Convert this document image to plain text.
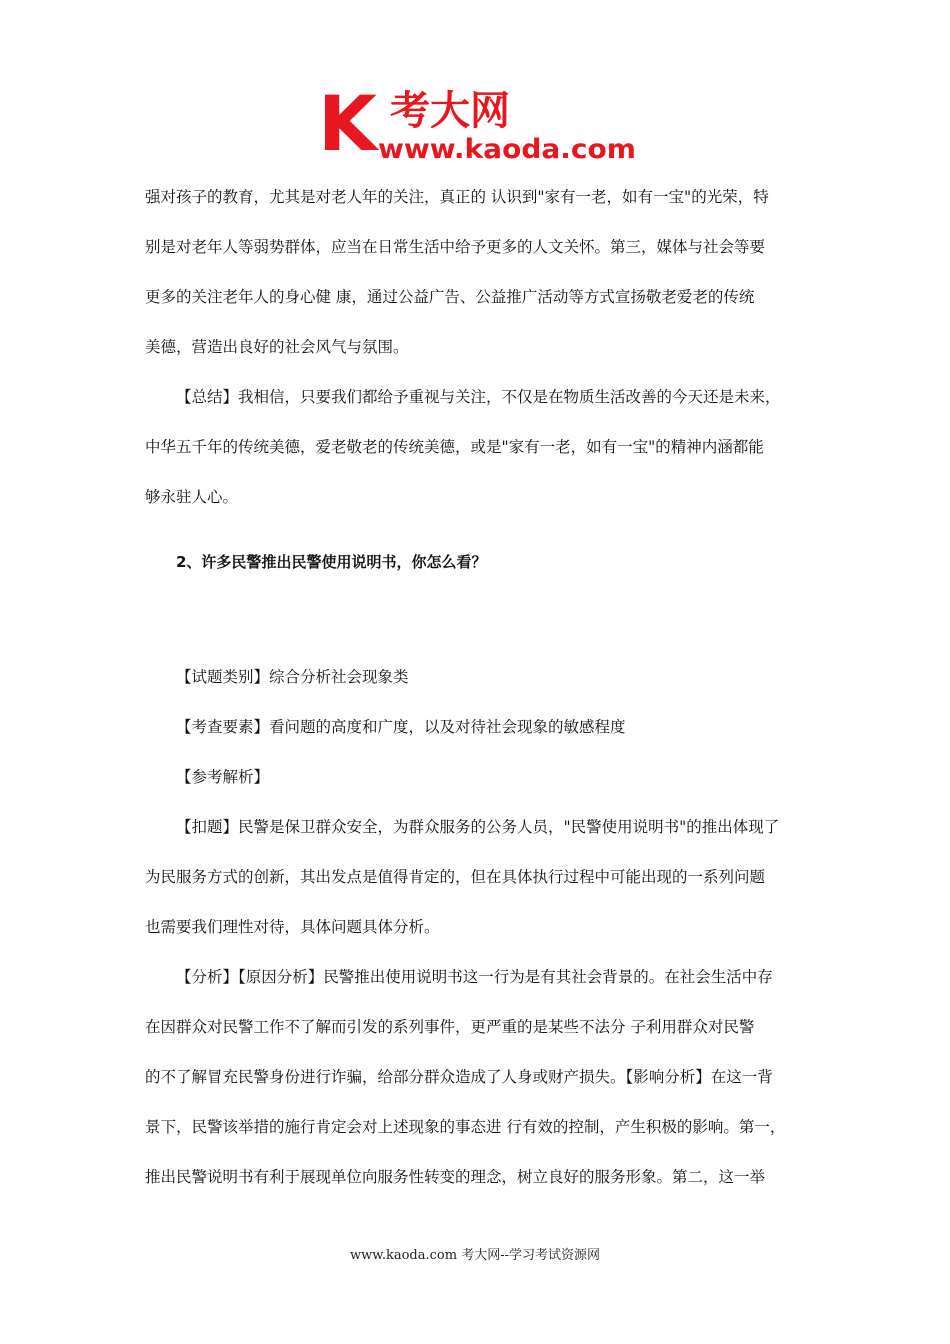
K 考大网
www.kaoda.com

强对孩子的教育，尤其是对老人年的关注，真正的 认识到"家有一老，如有一宝"的光荣，特

别是对老年人等弱势群体，应当在日常生活中给予更多的人文关怀。第三，媒体与社会等要

更多的关注老年人的身心健 康，通过公益广告、公益推广活动等方式宣扬敬老爱老的传统

美德，营造出良好的社会风气与氛围。

【总结】我相信，只要我们都给予重视与关注，不仅是在物质生活改善的今天还是未来，

中华五千年的传统美德，爱老敬老的传统美德，或是"家有一老，如有一宝"的精神内涵都能

够永驻人心。

2、许多民警推出民警使用说明书，你怎么看？

【试题类别】综合分析社会现象类

【考查要素】看问题的高度和广度，以及对待社会现象的敏感程度

【参考解析】

【扣题】民警是保卫群众安全，为群众服务的公务人员，"民警使用说明书"的推出体现了

为民服务方式的创新，其出发点是值得肯定的，但在具体执行过程中可能出现的一系列问题

也需要我们理性对待，具体问题具体分析。

【分析】【原因分析】民警推出使用说明书这一行为是有其社会背景的。在社会生活中存

在因群众对民警工作不了解而引发的系列事件，更严重的是某些不法分 子利用群众对民警

的不了解冒充民警身份进行诈骗，给部分群众造成了人身或财产损失。【影响分析】在这一背

景下，民警该举措的施行肯定会对上述现象的事态进 行有效的控制，产生积极的影响。第一，

推出民警说明书有利于展现单位向服务性转变的理念，树立良好的服务形象。第二，这一举

www.kaoda.com 考大网--学习考试资源网
